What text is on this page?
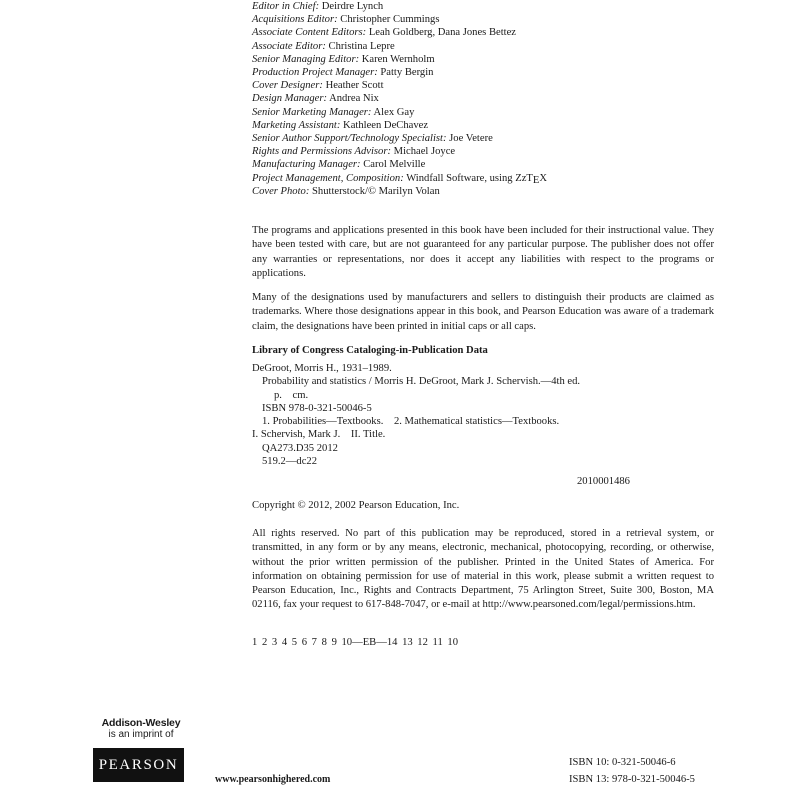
Editor in Chief: Deirdre Lynch
Acquisitions Editor: Christopher Cummings
Associate Content Editors: Leah Goldberg, Dana Jones Bettez
Associate Editor: Christina Lepre
Senior Managing Editor: Karen Wernholm
Production Project Manager: Patty Bergin
Cover Designer: Heather Scott
Design Manager: Andrea Nix
Senior Marketing Manager: Alex Gay
Marketing Assistant: Kathleen DeChavez
Senior Author Support/Technology Specialist: Joe Vetere
Rights and Permissions Advisor: Michael Joyce
Manufacturing Manager: Carol Melville
Project Management, Composition: Windfall Software, using ZzTEX
Cover Photo: Shutterstock/© Marilyn Volan

The programs and applications presented in this book have been included for their instructional value. They have been tested with care, but are not guaranteed for any particular purpose. The publisher does not offer any warranties or representations, nor does it accept any liabilities with respect to the programs or applications.

Many of the designations used by manufacturers and sellers to distinguish their products are claimed as trademarks. Where those designations appear in this book, and Pearson Education was aware of a trademark claim, the designations have been printed in initial caps or all caps.

Library of Congress Cataloging-in-Publication Data
DeGroot, Morris H., 1931–1989.
Probability and statistics / Morris H. DeGroot, Mark J. Schervish.—4th ed.
p.    cm.
ISBN 978-0-321-50046-5
1. Probabilities—Textbooks.    2. Mathematical statistics—Textbooks.
I. Schervish, Mark J.    II. Title.
QA273.D35 2012
519.2—dc22
2010001486
Copyright © 2012, 2002 Pearson Education, Inc.

All rights reserved. No part of this publication may be reproduced, stored in a retrieval system, or transmitted, in any form or by any means, electronic, mechanical, photocopying, recording, or otherwise, without the prior written permission of the publisher. Printed in the United States of America. For information on obtaining permission for use of material in this work, please submit a written request to Pearson Education, Inc., Rights and Contracts Department, 75 Arlington Street, Suite 300, Boston, MA 02116, fax your request to 617-848-7047, or e-mail at http://www.pearsoned.com/legal/permissions.htm.

1 2 3 4 5 6 7 8 9 10—EB—14 13 12 11 10
Addison-Wesley
is an imprint of
PEARSON
www.pearsonhighered.com
ISBN 10: 0-321-50046-6
ISBN 13: 978-0-321-50046-5
